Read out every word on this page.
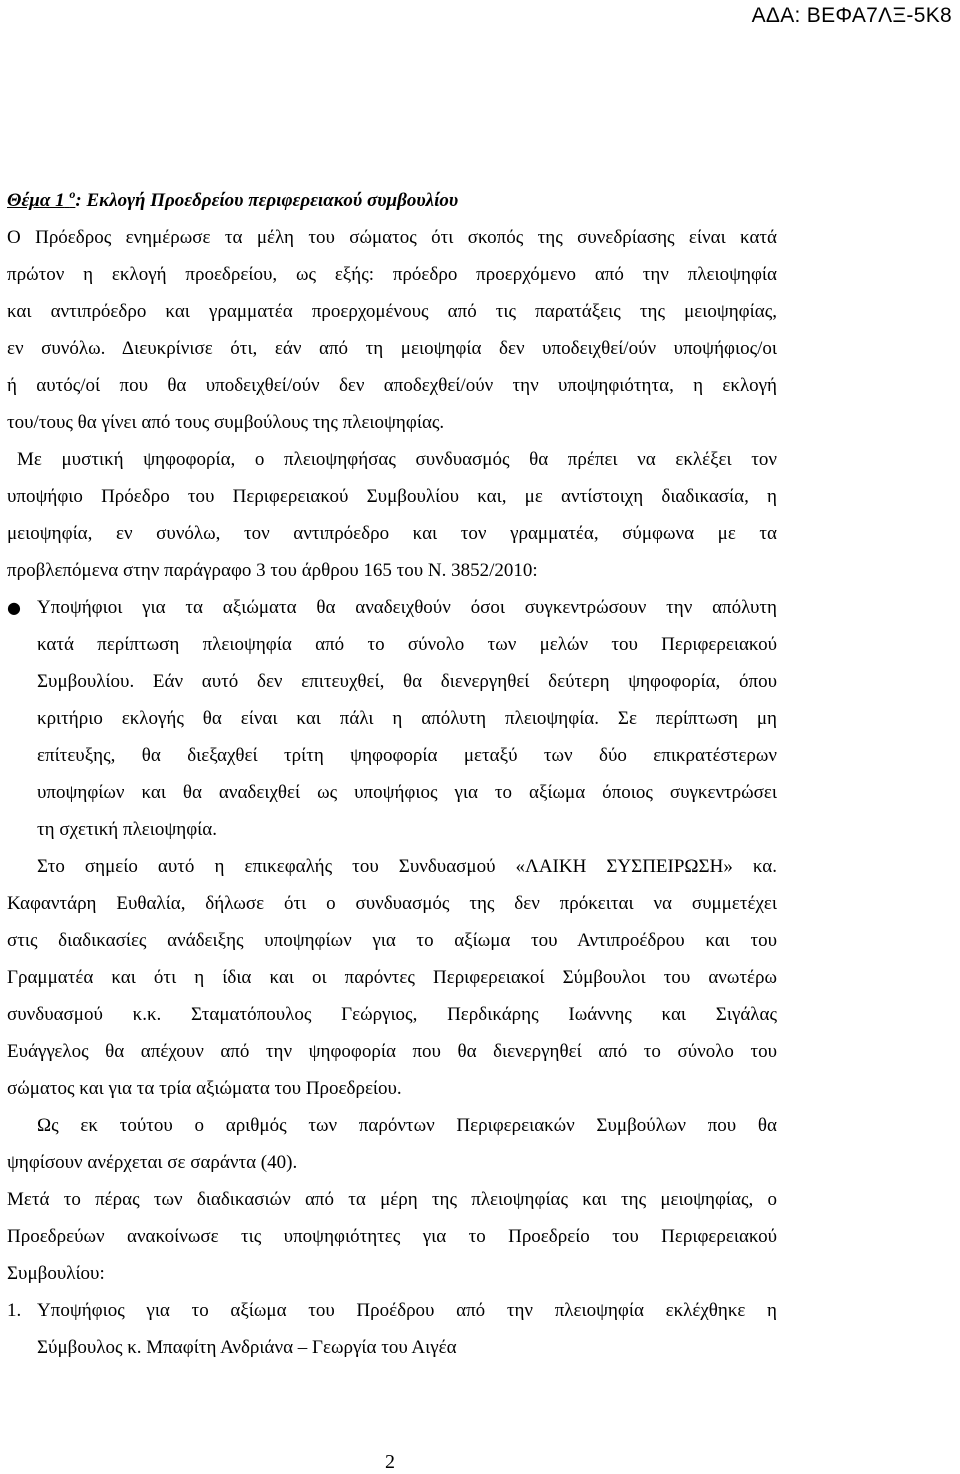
ΑΔΑ: ΒΕΦΑ7ΛΞ-5Κ8
Θέμα 1 $^o$: Εκλογή Προεδρείου περιφερειακού συμβουλίου
Ο Πρόεδρος ενημέρωσε τα μέλη του σώματος ότι σκοπός της συνεδρίασης είναι κατά
πρώτον η εκλογή προεδρείου, ως εξής: πρόεδρο προερχόμενο από την πλειοψηφία
και αντιπρόεδρο και γραμματέα προερχομένους από τις παρατάξεις της μειοψηφίας,
εν συνόλω. Διευκρίνισε ότι, εάν από τη μειοψηφία δεν υποδειχθεί/ούν υποψήφιος/οι
ή αυτός/οί που θα υποδειχθεί/ούν δεν αποδεχθεί/ούν την υποψηφιότητα, η εκλογή
του/τους θα γίνει από τους συμβούλους της πλειοψηφίας.
Με μυστική ψηφοφορία, ο πλειοψηφήσας συνδυασμός θα πρέπει να εκλέξει τον
υποψήφιο Πρόεδρο του Περιφερειακού Συμβουλίου και, με αντίστοιχη διαδικασία, η
μειοψηφία, εν συνόλω, τον αντιπρόεδρο και τον γραμματέα, σύμφωνα με τα
προβλεπόμενα στην παράγραφο 3 του άρθρου 165 του Ν. 3852/2010:
● Υποψήφιοι για τα αξιώματα θα αναδειχθούν όσοι συγκεντρώσουν την απόλυτη
κατά περίπτωση πλειοψηφία από το σύνολο των μελών του Περιφερειακού
Συμβουλίου. Εάν αυτό δεν επιτευχθεί, θα διενεργηθεί δεύτερη ψηφοφορία, όπου
κριτήριο εκλογής θα είναι και πάλι η απόλυτη πλειοψηφία. Σε περίπτωση μη
επίτευξης, θα διεξαχθεί τρίτη ψηφοφορία μεταξύ των δύο επικρατέστερων
υποψηφίων και θα αναδειχθεί ως υποψήφιος για το αξίωμα όποιος συγκεντρώσει
τη σχετική πλειοψηφία.
Στο σημείο αυτό η επικεφαλής του Συνδυασμού «ΛΑΙΚΗ ΣΥΣΠΕΙΡΩΣΗ» κα.
Καφαντάρη Ευθαλία, δήλωσε ότι ο συνδυασμός της δεν πρόκειται να συμμετέχει
στις διαδικασίες ανάδειξης υποψηφίων για το αξίωμα του Αντιπροέδρου και του
Γραμματέα και ότι η ίδια και οι παρόντες Περιφερειακοί Σύμβουλοι του ανωτέρω
συνδυασμού κ.κ. Σταματόπουλος Γεώργιος, Περδικάρης Ιωάννης και Σιγάλας
Ευάγγελος θα απέχουν από την ψηφοφορία που θα διενεργηθεί από το σύνολο του
σώματος και για τα τρία αξιώματα του Προεδρείου.
Ως εκ τούτου ο αριθμός των παρόντων Περιφερειακών Συμβούλων που θα
ψηφίσουν ανέρχεται σε σαράντα (40).
Μετά το πέρας των διαδικασιών από τα μέρη της πλειοψηφίας και της μειοψηφίας, ο
Προεδρεύων ανακοίνωσε τις υποψηφιότητες για το Προεδρείο του Περιφερειακού
Συμβουλίου:
1. Υποψήφιος για το αξίωμα του Προέδρου από την πλειοψηφία εκλέχθηκε η
Σύμβουλος κ. Μπαφίτη Ανδριάνα – Γεωργία του Αιγέα
2
